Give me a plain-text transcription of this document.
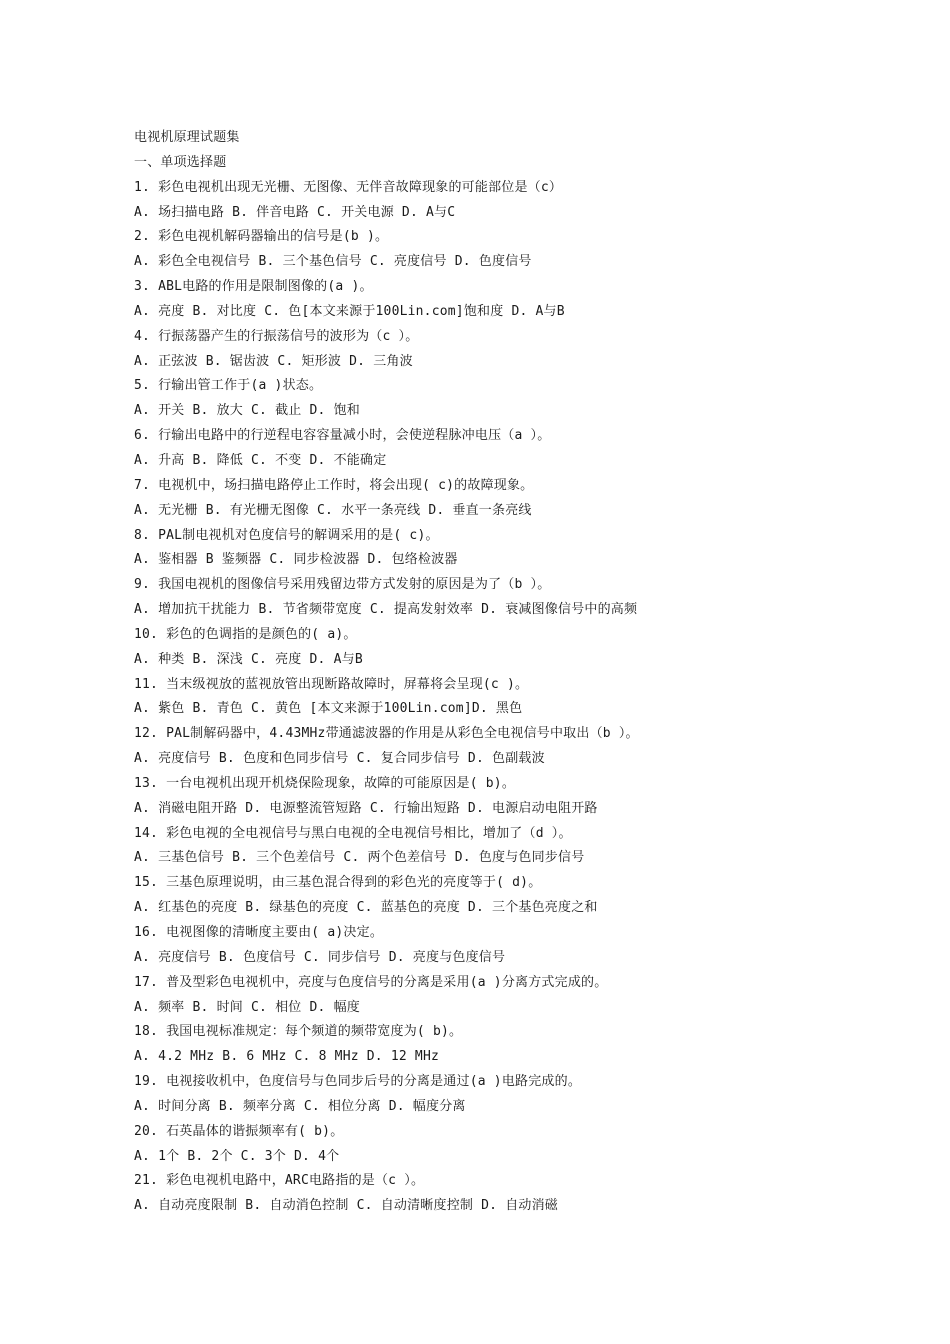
电视机原理试题集
一、单项选择题
1. 彩色电视机出现无光栅、无图像、无伴音故障现象的可能部位是（c）
A. 场扫描电路 B. 伴音电路 C. 开关电源 D. A与C
2. 彩色电视机解码器输出的信号是(b )。
A. 彩色全电视信号 B. 三个基色信号 C. 亮度信号 D. 色度信号
3. ABL电路的作用是限制图像的(a )。
A. 亮度 B. 对比度 C. 色[本文来源于100Lin.com]饱和度 D. A与B
4. 行振荡器产生的行振荡信号的波形为（c ）。
A. 正弦波 B. 锯齿波 C. 矩形波 D. 三角波
5. 行输出管工作于(a )状态。
A. 开关 B. 放大 C. 截止 D. 饱和
6. 行输出电路中的行逆程电容容量减小时，会使逆程脉冲电压（a ）。
A. 升高 B. 降低 C. 不变 D. 不能确定
7. 电视机中，场扫描电路停止工作时，将会出现( c)的故障现象。
A. 无光栅 B. 有光栅无图像 C. 水平一条亮线 D. 垂直一条亮线
8. PAL制电视机对色度信号的解调采用的是( c)。
A. 鉴相器 B 鉴频器 C. 同步检波器 D. 包络检波器
9. 我国电视机的图像信号采用残留边带方式发射的原因是为了（b ）。
A. 增加抗干扰能力 B. 节省频带宽度 C. 提高发射效率 D. 衰减图像信号中的高频
10. 彩色的色调指的是颜色的( a)。
A. 种类 B. 深浅 C. 亮度 D. A与B
11. 当末级视放的蓝视放管出现断路故障时，屏幕将会呈现(c )。
A. 紫色 B. 青色 C. 黄色 [本文来源于100Lin.com]D. 黑色
12. PAL制解码器中，4.43MHz带通滤波器的作用是从彩色全电视信号中取出（b ）。
A. 亮度信号 B. 色度和色同步信号 C. 复合同步信号 D. 色副载波
13. 一台电视机出现开机烧保险现象，故障的可能原因是( b)。
A. 消磁电阻开路 D. 电源整流管短路 C. 行输出短路 D. 电源启动电阻开路
14. 彩色电视的全电视信号与黑白电视的全电视信号相比，增加了（d ）。
A. 三基色信号 B. 三个色差信号 C. 两个色差信号 D. 色度与色同步信号
15. 三基色原理说明，由三基色混合得到的彩色光的亮度等于( d)。
A. 红基色的亮度 B. 绿基色的亮度 C. 蓝基色的亮度 D. 三个基色亮度之和
16. 电视图像的清晰度主要由( a)决定。
A. 亮度信号 B. 色度信号 C. 同步信号 D. 亮度与色度信号
17. 普及型彩色电视机中，亮度与色度信号的分离是采用(a )分离方式完成的。
A. 频率 B. 时间 C. 相位 D. 幅度
18. 我国电视标准规定：每个频道的频带宽度为( b)。
A. 4.2 MHz B. 6 MHz C. 8 MHz D. 12 MHz
19. 电视接收机中，色度信号与色同步后号的分离是通过(a )电路完成的。
A. 时间分离 B. 频率分离 C. 相位分离 D. 幅度分离
20. 石英晶体的谐振频率有( b)。
A. 1个 B. 2个 C. 3个 D. 4个
21. 彩色电视机电路中，ARC电路指的是（c ）。
A. 自动亮度限制 B. 自动消色控制 C. 自动清晰度控制 D. 自动消磁
